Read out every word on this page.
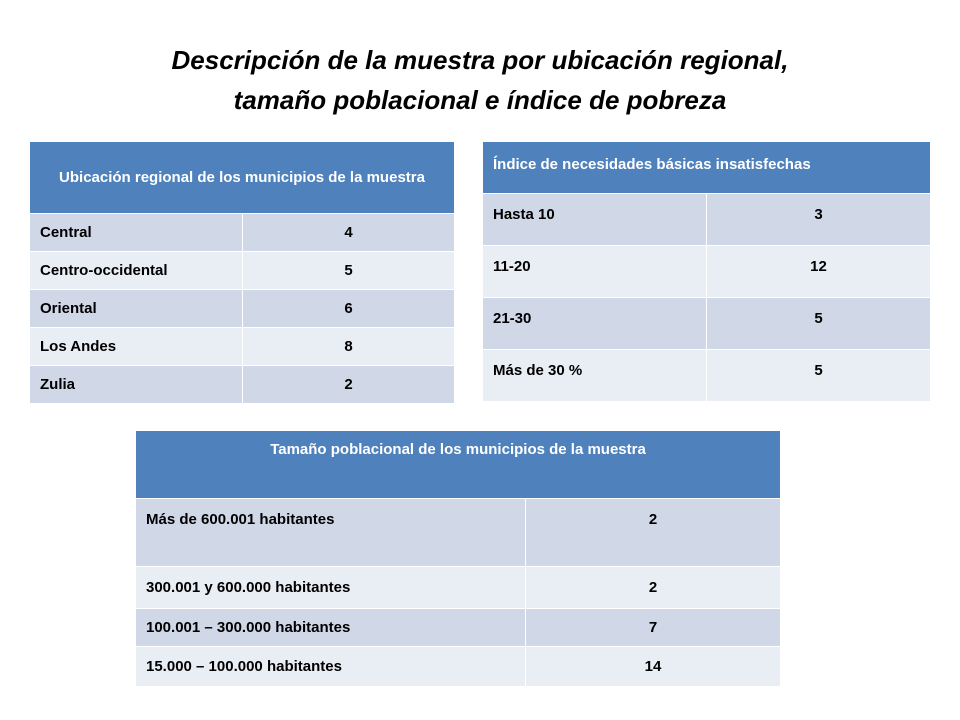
Descripción de la muestra por ubicación regional,
tamaño poblacional e índice de pobreza
Ubicación regional de los municipios de la muestra	
Central	4
Centro-occidental	5
Oriental	6
Los Andes	8
Zulia	2
Índice de necesidades básicas insatisfechas	
Hasta 10	3
11-20	12
21-30	5
Más de 30 %	5
Tamaño poblacional de los municipios de la muestra	
Más de 600.001 habitantes	2
300.001 y 600.000 habitantes	2
100.001 – 300.000 habitantes	7
15.000 – 100.000 habitantes	14
